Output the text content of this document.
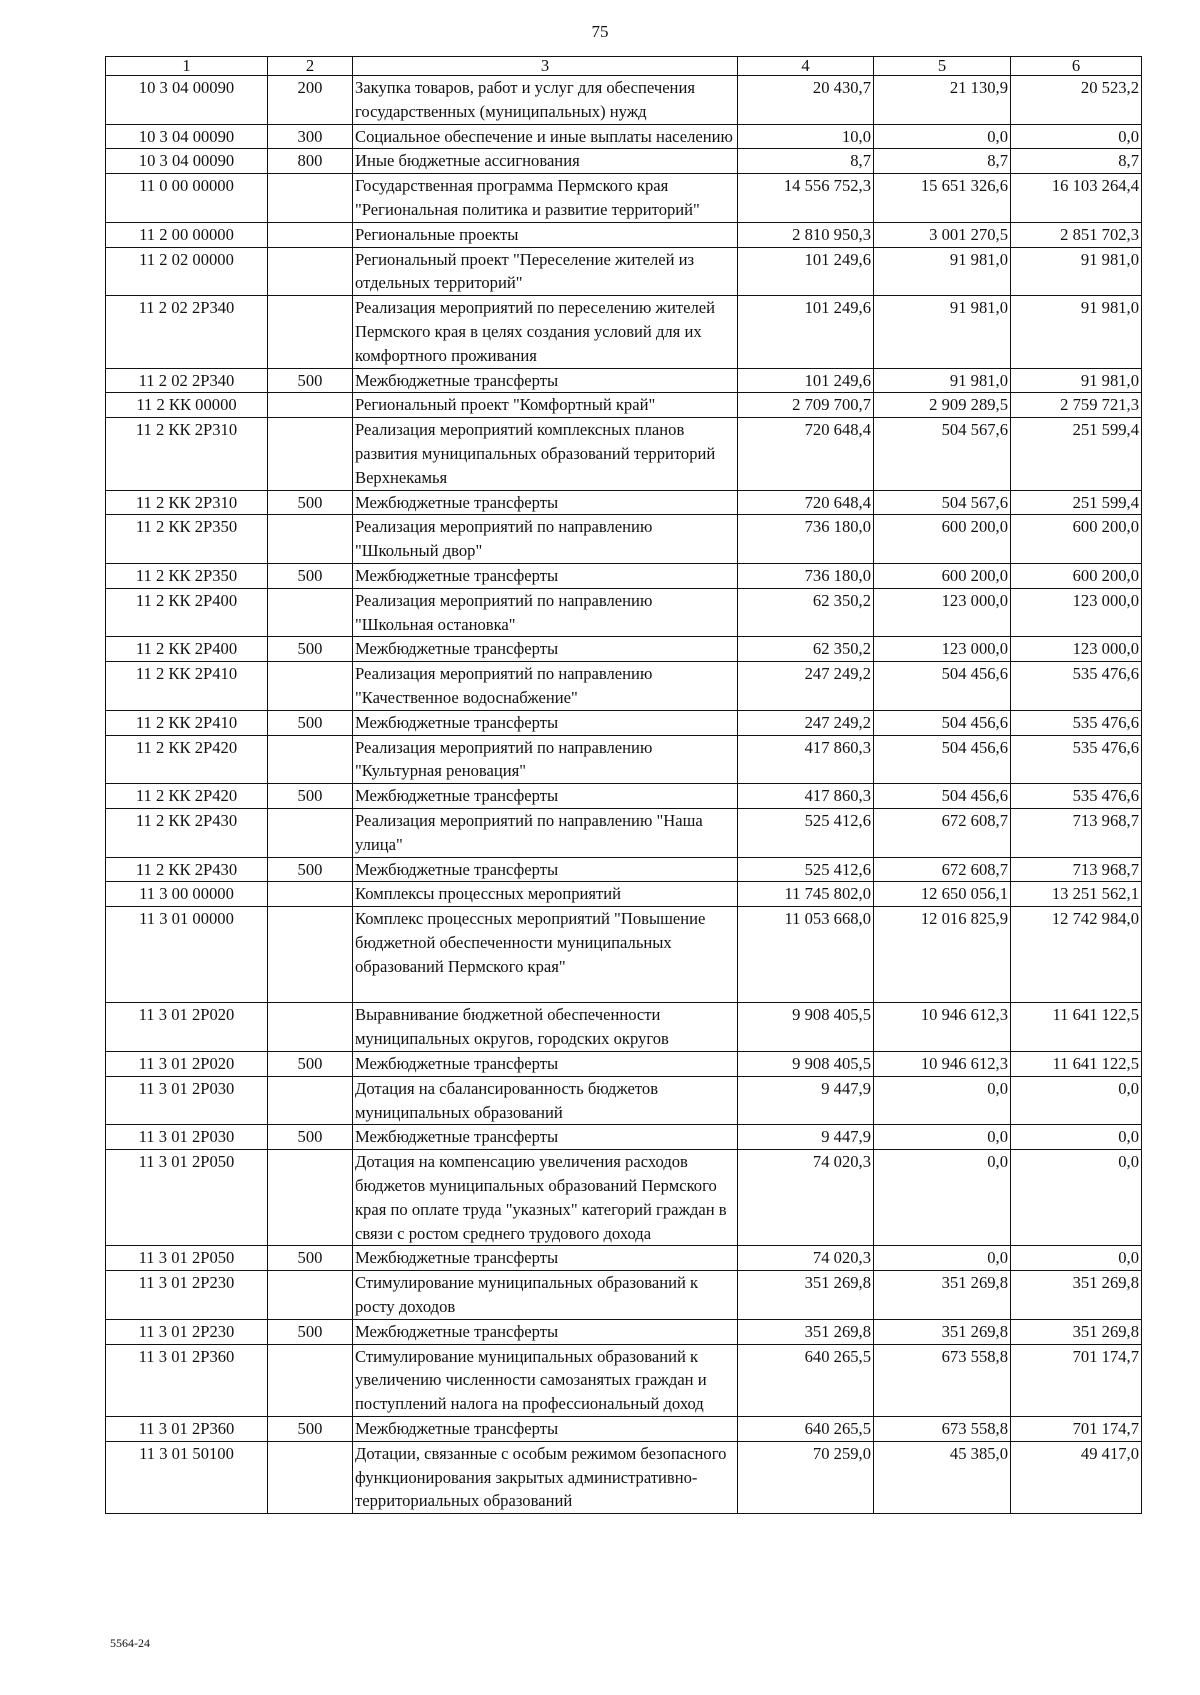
75
1	2	3	4	5	6
10 3 04 00090	200	Закупка товаров, работ и услуг для обеспечения государственных (муниципальных) нужд	20 430,7	21 130,9	20 523,2
10 3 04 00090	300	Социальное обеспечение и иные выплаты населению	10,0	0,0	0,0
10 3 04 00090	800	Иные бюджетные ассигнования	8,7	8,7	8,7
11 0 00 00000		Государственная программа Пермского края "Региональная политика и развитие территорий"	14 556 752,3	15 651 326,6	16 103 264,4
11 2 00 00000		Региональные проекты	2 810 950,3	3 001 270,5	2 851 702,3
11 2 02 00000		Региональный проект "Переселение жителей из отдельных территорий"	101 249,6	91 981,0	91 981,0
11 2 02 2Р340		Реализация мероприятий по переселению жителей Пермского края в целях создания условий для их комфортного проживания	101 249,6	91 981,0	91 981,0
11 2 02 2Р340	500	Межбюджетные трансферты	101 249,6	91 981,0	91 981,0
11 2 КК 00000		Региональный проект "Комфортный край"	2 709 700,7	2 909 289,5	2 759 721,3
11 2 КК 2Р310		Реализация мероприятий комплексных планов развития муниципальных образований территорий Верхнекамья	720 648,4	504 567,6	251 599,4
11 2 КК 2Р310	500	Межбюджетные трансферты	720 648,4	504 567,6	251 599,4
11 2 КК 2Р350		Реализация мероприятий по направлению "Школьный двор"	736 180,0	600 200,0	600 200,0
11 2 КК 2Р350	500	Межбюджетные трансферты	736 180,0	600 200,0	600 200,0
11 2 КК 2Р400		Реализация мероприятий по направлению "Школьная остановка"	62 350,2	123 000,0	123 000,0
11 2 КК 2Р400	500	Межбюджетные трансферты	62 350,2	123 000,0	123 000,0
11 2 КК 2Р410		Реализация мероприятий по направлению "Качественное водоснабжение"	247 249,2	504 456,6	535 476,6
11 2 КК 2Р410	500	Межбюджетные трансферты	247 249,2	504 456,6	535 476,6
11 2 КК 2Р420		Реализация мероприятий по направлению "Культурная реновация"	417 860,3	504 456,6	535 476,6
11 2 КК 2Р420	500	Межбюджетные трансферты	417 860,3	504 456,6	535 476,6
11 2 КК 2Р430		Реализация мероприятий по направлению "Наша улица"	525 412,6	672 608,7	713 968,7
11 2 КК 2Р430	500	Межбюджетные трансферты	525 412,6	672 608,7	713 968,7
11 3 00 00000		Комплексы процессных мероприятий	11 745 802,0	12 650 056,1	13 251 562,1
11 3 01 00000		Комплекс процессных мероприятий "Повышение бюджетной обеспеченности муниципальных образований Пермского края"	11 053 668,0	12 016 825,9	12 742 984,0
11 3 01 2Р020		Выравнивание бюджетной обеспеченности муниципальных округов, городских округов	9 908 405,5	10 946 612,3	11 641 122,5
11 3 01 2Р020	500	Межбюджетные трансферты	9 908 405,5	10 946 612,3	11 641 122,5
11 3 01 2Р030		Дотация на сбалансированность бюджетов муниципальных образований	9 447,9	0,0	0,0
11 3 01 2Р030	500	Межбюджетные трансферты	9 447,9	0,0	0,0
11 3 01 2Р050		Дотация на компенсацию увеличения расходов бюджетов муниципальных образований Пермского края по оплате труда "указных" категорий граждан в связи с ростом среднего трудового дохода	74 020,3	0,0	0,0
11 3 01 2Р050	500	Межбюджетные трансферты	74 020,3	0,0	0,0
11 3 01 2Р230		Стимулирование муниципальных образований к росту доходов	351 269,8	351 269,8	351 269,8
11 3 01 2Р230	500	Межбюджетные трансферты	351 269,8	351 269,8	351 269,8
11 3 01 2Р360		Стимулирование муниципальных образований к увеличению численности самозанятых граждан и поступлений налога на профессиональный доход	640 265,5	673 558,8	701 174,7
11 3 01 2Р360	500	Межбюджетные трансферты	640 265,5	673 558,8	701 174,7
11 3 01 50100		Дотации, связанные с особым режимом безопасного функционирования закрытых административно-территориальных образований	70 259,0	45 385,0	49 417,0
5564-24
